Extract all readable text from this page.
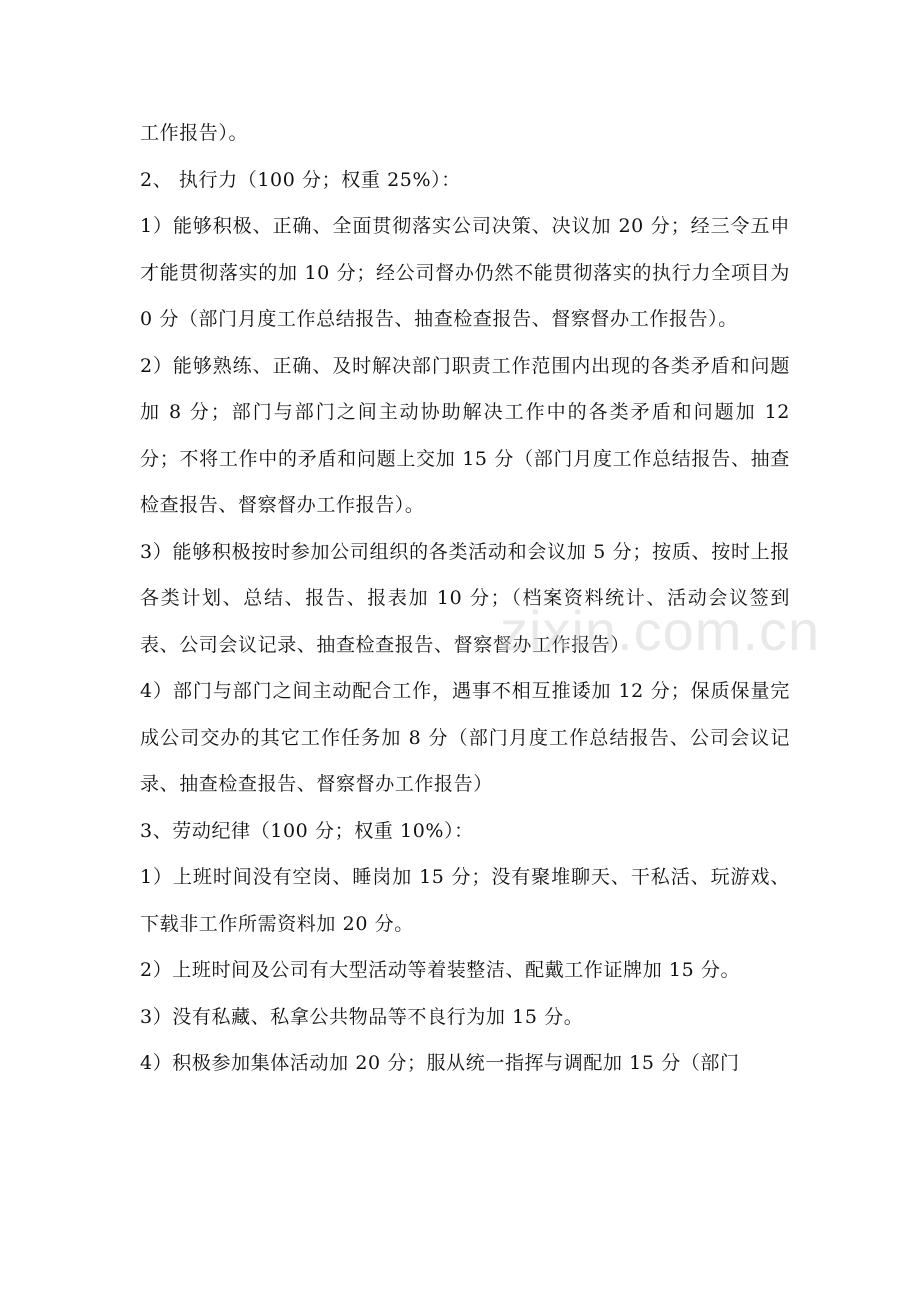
工作报告）。

2、 执行力（100 分；权重 25%）：

1）能够积极、正确、全面贯彻落实公司决策、决议加 20 分；经三令五申才能贯彻落实的加 10 分；经公司督办仍然不能贯彻落实的执行力全项目为 0 分（部门月度工作总结报告、抽查检查报告、督察督办工作报告）。

2）能够熟练、正确、及时解决部门职责工作范围内出现的各类矛盾和问题加 8 分；部门与部门之间主动协助解决工作中的各类矛盾和问题加 12 分；不将工作中的矛盾和问题上交加 15 分（部门月度工作总结报告、抽查检查报告、督察督办工作报告）。

3）能够积极按时参加公司组织的各类活动和会议加 5 分；按质、按时上报各类计划、总结、报告、报表加 10 分；（档案资料统计、活动会议签到表、公司会议记录、抽查检查报告、督察督办工作报告）

4）部门与部门之间主动配合工作，遇事不相互推诿加 12 分；保质保量完成公司交办的其它工作任务加 8 分（部门月度工作总结报告、公司会议记录、抽查检查报告、督察督办工作报告）

3、劳动纪律（100 分；权重 10%）：

1）上班时间没有空岗、睡岗加 15 分；没有聚堆聊天、干私活、玩游戏、下载非工作所需资料加 20 分。

2）上班时间及公司有大型活动等着装整洁、配戴工作证牌加 15 分。

3）没有私藏、私拿公共物品等不良行为加 15 分。

4）积极参加集体活动加 20 分；服从统一指挥与调配加 15 分（部门

zixin.com.cn
